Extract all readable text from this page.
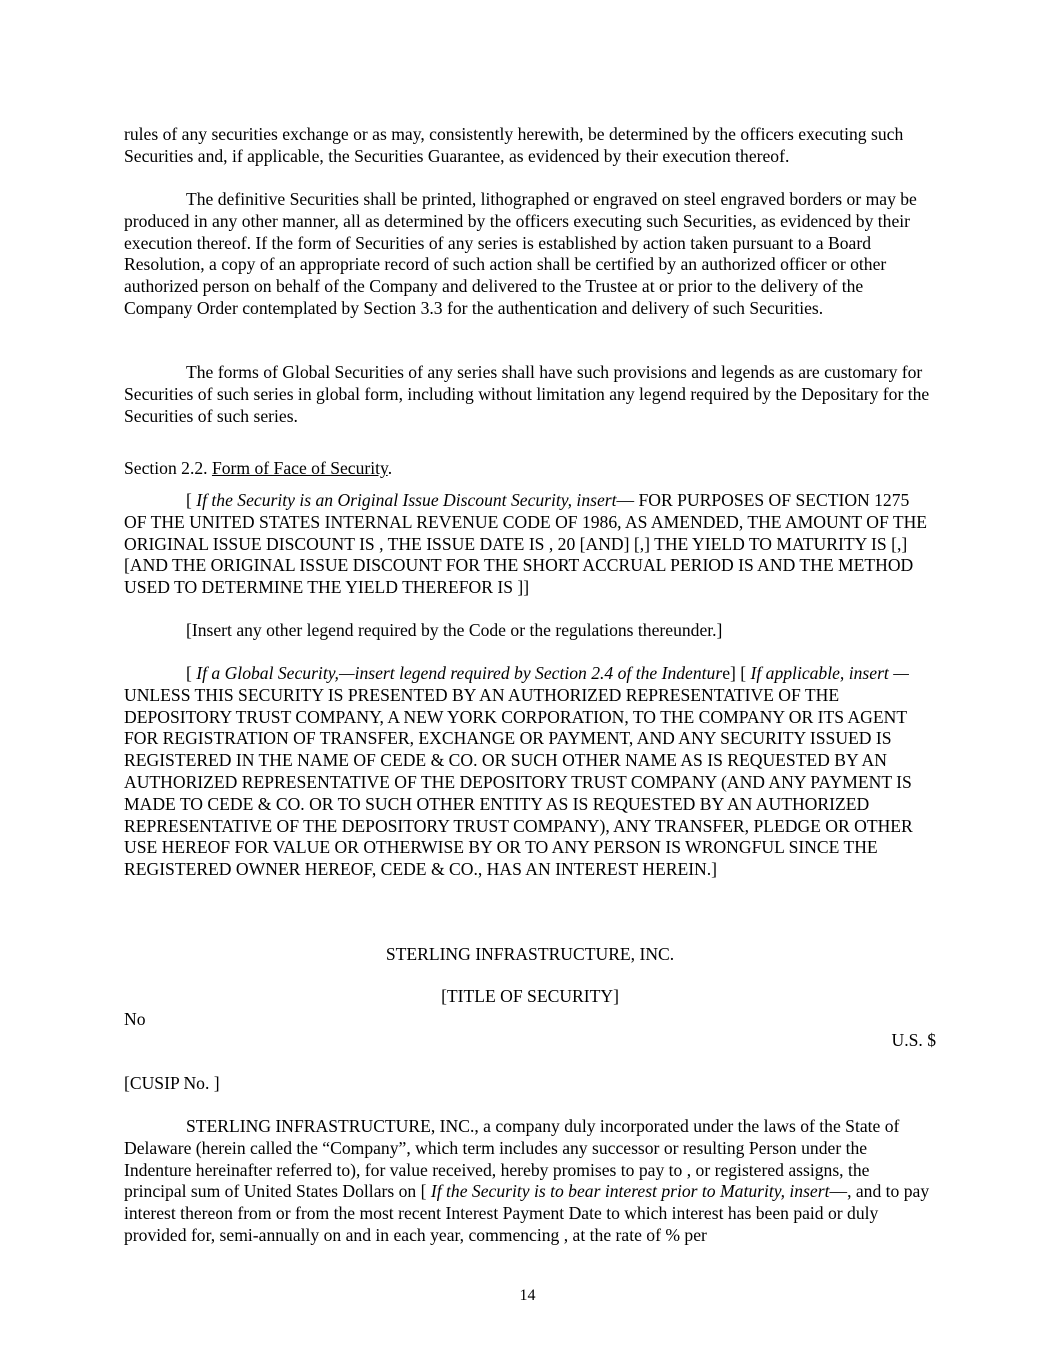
rules of any securities exchange or as may, consistently herewith, be determined by the officers executing such Securities and, if applicable, the Securities Guarantee, as evidenced by their execution thereof.

The definitive Securities shall be printed, lithographed or engraved on steel engraved borders or may be produced in any other manner, all as determined by the officers executing such Securities, as evidenced by their execution thereof. If the form of Securities of any series is established by action taken pursuant to a Board Resolution, a copy of an appropriate record of such action shall be certified by an authorized officer or other authorized person on behalf of the Company and delivered to the Trustee at or prior to the delivery of the Company Order contemplated by Section 3.3 for the authentication and delivery of such Securities.

The forms of Global Securities of any series shall have such provisions and legends as are customary for Securities of such series in global form, including without limitation any legend required by the Depositary for the Securities of such series.

Section 2.2. Form of Face of Security.

[ If the Security is an Original Issue Discount Security, insert— FOR PURPOSES OF SECTION 1275 OF THE UNITED STATES INTERNAL REVENUE CODE OF 1986, AS AMENDED, THE AMOUNT OF THE ORIGINAL ISSUE DISCOUNT IS , THE ISSUE DATE IS , 20 [AND] [,] THE YIELD TO MATURITY IS [,] [AND THE ORIGINAL ISSUE DISCOUNT FOR THE SHORT ACCRUAL PERIOD IS AND THE METHOD USED TO DETERMINE THE YIELD THEREFOR IS ]]

[Insert any other legend required by the Code or the regulations thereunder.]

[ If a Global Security,—insert legend required by Section 2.4 of the Indenture] [ If applicable, insert — UNLESS THIS SECURITY IS PRESENTED BY AN AUTHORIZED REPRESENTATIVE OF THE DEPOSITORY TRUST COMPANY, A NEW YORK CORPORATION, TO THE COMPANY OR ITS AGENT FOR REGISTRATION OF TRANSFER, EXCHANGE OR PAYMENT, AND ANY SECURITY ISSUED IS REGISTERED IN THE NAME OF CEDE & CO. OR SUCH OTHER NAME AS IS REQUESTED BY AN AUTHORIZED REPRESENTATIVE OF THE DEPOSITORY TRUST COMPANY (AND ANY PAYMENT IS MADE TO CEDE & CO. OR TO SUCH OTHER ENTITY AS IS REQUESTED BY AN AUTHORIZED REPRESENTATIVE OF THE DEPOSITORY TRUST COMPANY), ANY TRANSFER, PLEDGE OR OTHER USE HEREOF FOR VALUE OR OTHERWISE BY OR TO ANY PERSON IS WRONGFUL SINCE THE REGISTERED OWNER HEREOF, CEDE & CO., HAS AN INTEREST HEREIN.]

STERLING INFRASTRUCTURE, INC.

[TITLE OF SECURITY]

No

U.S. $

[CUSIP No. ]

STERLING INFRASTRUCTURE, INC., a company duly incorporated under the laws of the State of Delaware (herein called the “Company”, which term includes any successor or resulting Person under the Indenture hereinafter referred to), for value received, hereby promises to pay to , or registered assigns, the principal sum of United States Dollars on [ If the Security is to bear interest prior to Maturity, insert—, and to pay interest thereon from or from the most recent Interest Payment Date to which interest has been paid or duly provided for, semi-annually on and in each year, commencing , at the rate of % per

14
